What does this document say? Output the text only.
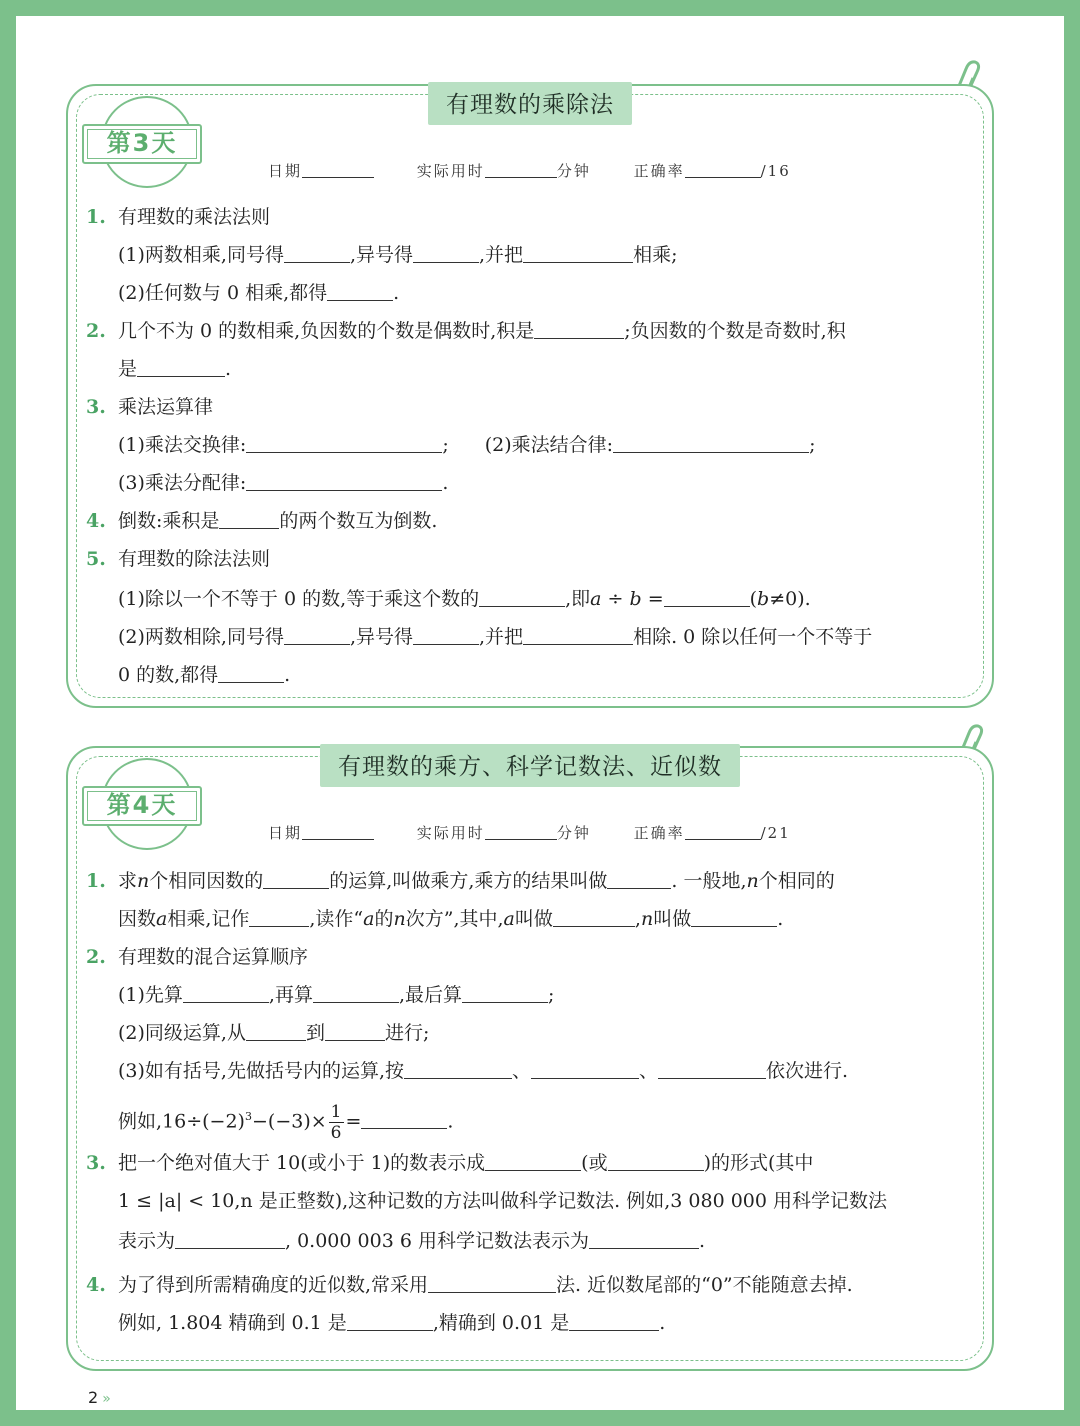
有理数的乘除法
第3天
日期	实际用时	分钟	正确率	/16
1. 有理数的乘法法则
(1)两数相乘,同号得	,异号得	,并把	相乘;
(2)任何数与 0 相乘,都得	.
2. 几个不为 0 的数相乘,负因数的个数是偶数时,积是	;负因数的个数是奇数时,积
是	.
3. 乘法运算律
(1)乘法交换律:	; (2)乘法结合律:	;
(3)乘法分配律:	.
4. 倒数:乘积是	的两个数互为倒数.
5. 有理数的除法法则
(1)除以一个不等于 0 的数,等于乘这个数的	,即a ÷ b =	(b≠0).
(2)两数相除,同号得	,异号得	,并把	相除. 0 除以任何一个不等于
0 的数,都得	.
有理数的乘方、科学记数法、近似数
第4天
日期	实际用时	分钟	正确率	/21
1. 求n个相同因数的	的运算,叫做乘方,乘方的结果叫做	. 一般地,n个相同的
因数a相乘,记作	,读作“a的n次方”,其中,a叫做	,n叫做	.
2. 有理数的混合运算顺序
(1)先算	,再算	,最后算	;
(2)同级运算,从	到	进行;
(3)如有括号,先做括号内的运算,按	、	、	依次进行.
例如$,16\div(-2)^3-(-3)\times \frac{1}{6}$ =	.
3. 把一个绝对值大于 10(或小于 1)的数表示成	(或	)的形式(其中
1 ≤ |a| < 10,n 是正整数),这种记数的方法叫做科学记数法. 例如,3 080 000 用科学记数法
表示为	, 0.000 003 6 用科学记数法表示为	.
4. 为了得到所需精确度的近似数,常采用	法. 近似数尾部的“0”不能随意去掉.
例如, 1.804 精确到 0.1 是	,精确到 0.01 是	.
2 »
